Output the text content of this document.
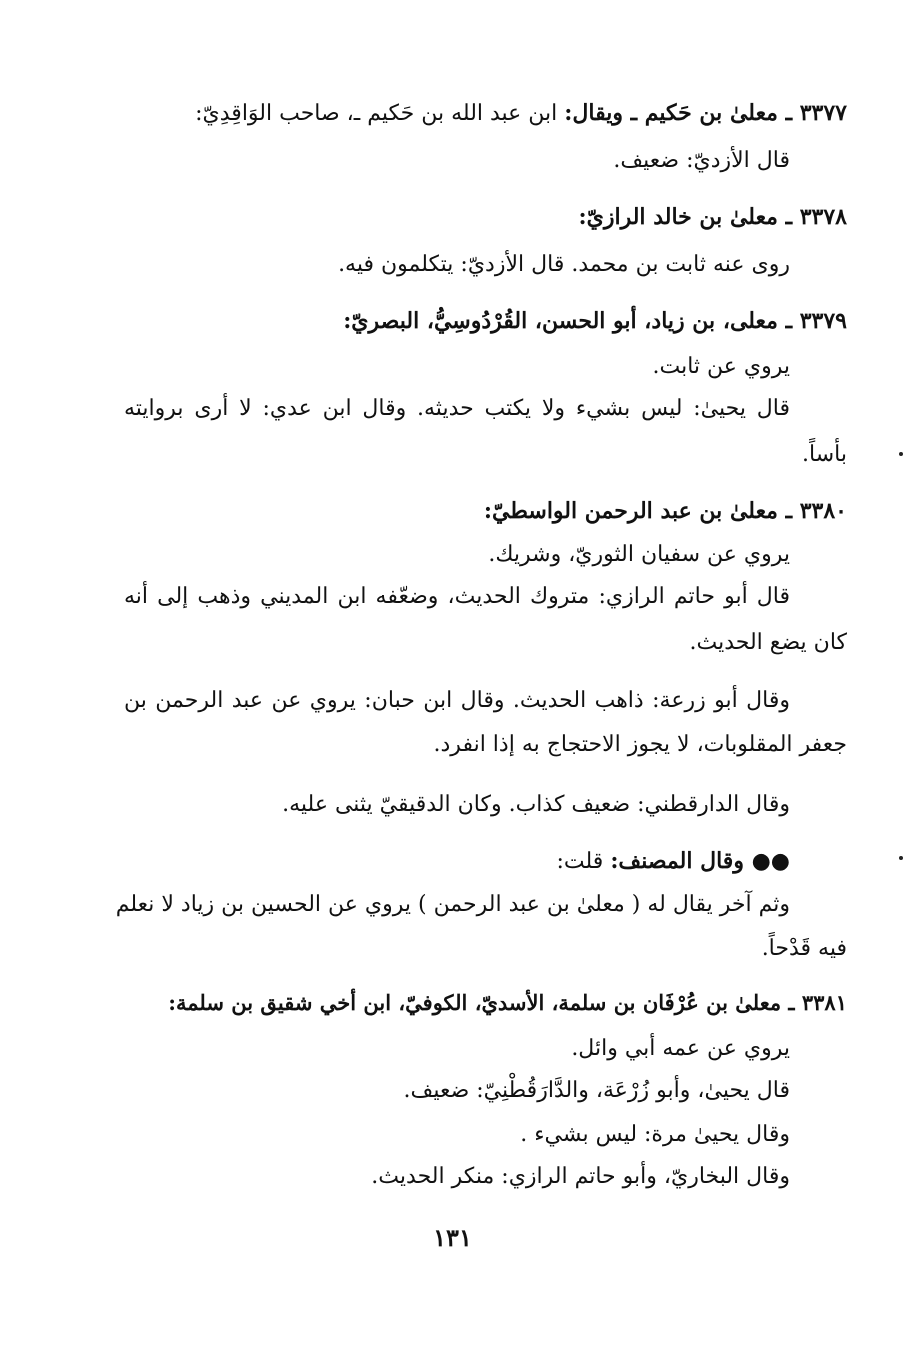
٣٣٧٧ ـ معلىٰ بن حَكيم ـ ويقال: ابن عبد الله بن حَكيم ـ، صاحب الوَاقِدِيّ:
قال الأزديّ: ضعيف.
٣٣٧٨ ـ معلىٰ بن خالد الرازيّ:
روى عنه ثابت بن محمد. قال الأزديّ: يتكلمون فيه.
٣٣٧٩ ـ معلى، بن زياد، أبو الحسن، القُرْدُوسِيُّ، البصريّ:
يروي عن ثابت.
قال يحيىٰ: ليس بشيء ولا يكتب حديثه. وقال ابن عدي: لا أرى بروايته
بأساً.
٣٣٨٠ ـ معلىٰ بن عبد الرحمن الواسطيّ:
يروي عن سفيان الثوريّ، وشريك.
قال أبو حاتم الرازي: متروك الحديث، وضعّفه ابن المديني وذهب إلى أنه
كان يضع الحديث.
وقال أبو زرعة: ذاهب الحديث. وقال ابن حبان: يروي عن عبد الرحمن بن
جعفر المقلوبات، لا يجوز الاحتجاج به إذا انفرد.
وقال الدارقطني: ضعيف كذاب. وكان الدقيقيّ يثنى عليه.
●● وقال المصنف: قلت:
وثم آخر يقال له ( معلىٰ بن عبد الرحمن ) يروي عن الحسين بن زياد لا نعلم
فيه قَدْحاً.
٣٣٨١ ـ معلىٰ بن عُرْفَان بن سلمة، الأسديّ، الكوفيّ، ابن أخي شقيق بن سلمة:
يروي عن عمه أبي وائل.
قال يحيىٰ، وأبو زُرْعَة، والدَّارَقُطْنِيّ: ضعيف.
وقال يحيىٰ مرة: ليس بشيء .
وقال البخاريّ، وأبو حاتم الرازي: منكر الحديث.
١٣١
